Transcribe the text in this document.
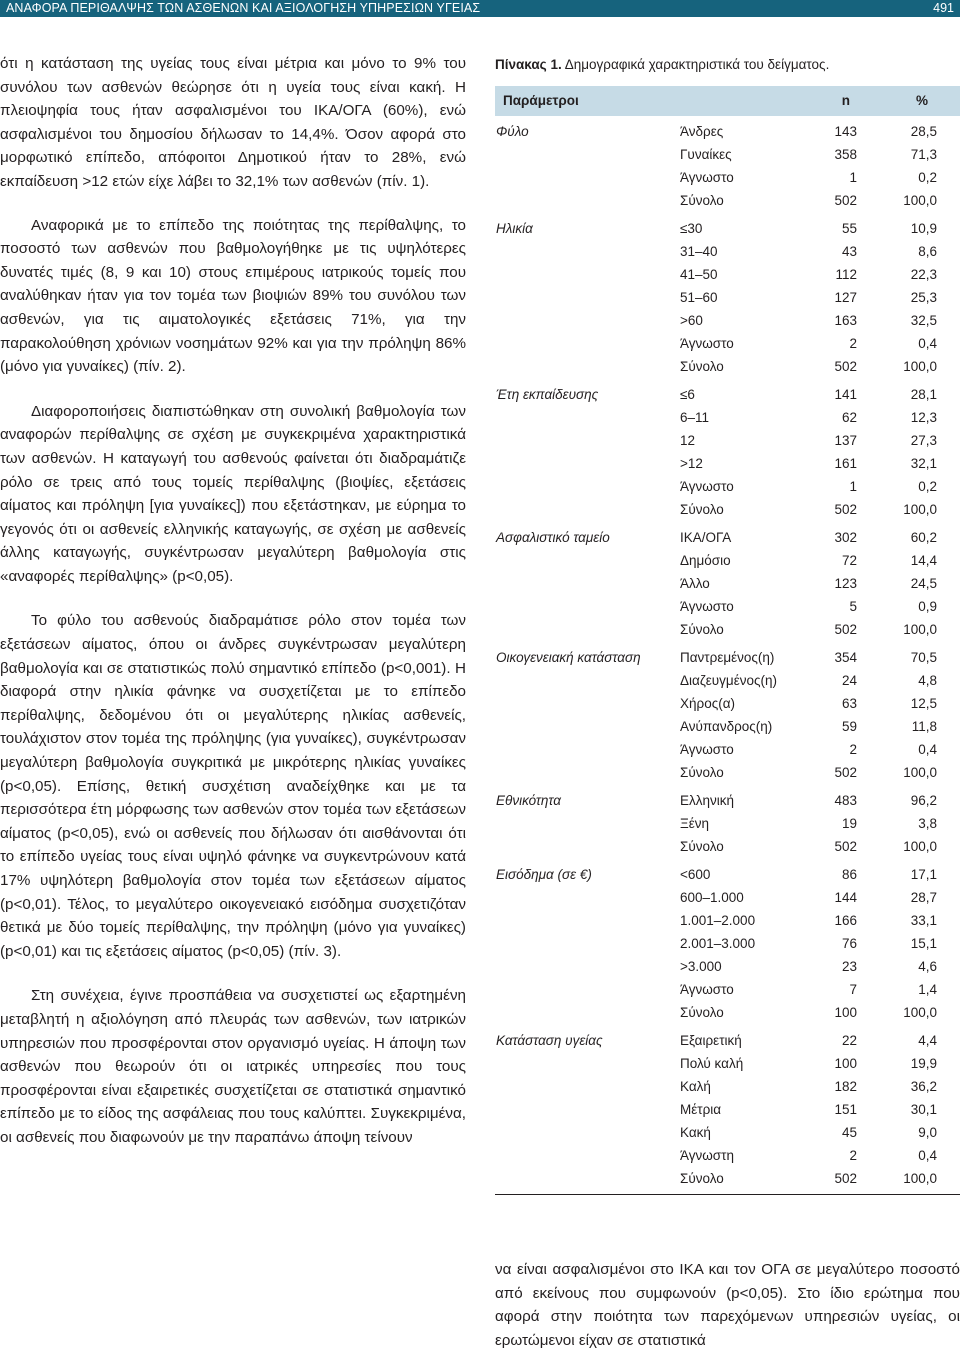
ΑΝΑΦΟΡΑ ΠΕΡΙΘΑΛΨΗΣ ΤΩΝ ΑΣΘΕΝΩΝ ΚΑΙ ΑΞΙΟΛΟΓΗΣΗ ΥΠΗΡΕΣΙΩΝ ΥΓΕΙΑΣ	491

ότι η κατάσταση της υγείας τους είναι μέτρια και μόνο το 9% του συνόλου των ασθενών θεώρησε ότι η υγεία τους είναι κακή. Η πλειοψηφία τους ήταν ασφαλισμένοι του ΙΚΑ/ΟΓΑ (60%), ενώ ασφαλισμένοι του δημοσίου δήλωσαν το 14,4%. Όσον αφορά στο μορφωτικό επίπεδο, απόφοιτοι Δημοτικού ήταν το 28%, ενώ εκπαίδευση >12 ετών είχε λάβει το 32,1% των ασθενών (πίν. 1).

Αναφορικά με το επίπεδο της ποιότητας της περίθαλψης, το ποσοστό των ασθενών που βαθμολογήθηκε με τις υψηλότερες δυνατές τιμές (8, 9 και 10) στους επιμέρους ιατρικούς τομείς που αναλύθηκαν ήταν για τον τομέα των βιοψιών 89% του συνόλου των ασθενών, για τις αιματολογικές εξετάσεις 71%, για την παρακολούθηση χρόνιων νοσημάτων 92% και για την πρόληψη 86% (μόνο για γυναίκες) (πίν. 2).

Διαφοροποιήσεις διαπιστώθηκαν στη συνολική βαθμολογία των αναφορών περίθαλψης σε σχέση με συγκεκριμένα χαρακτηριστικά των ασθενών. Η καταγωγή του ασθενούς φαίνεται ότι διαδραμάτιζε ρόλο σε τρεις από τους τομείς περίθαλψης (βιοψίες, εξετάσεις αίματος και πρόληψη [για γυναίκες]) που εξετάστηκαν, με εύρημα το γεγονός ότι οι ασθενείς ελληνικής καταγωγής, σε σχέση με ασθενείς άλλης καταγωγής, συγκέντρωσαν μεγαλύτερη βαθμολογία στις «αναφορές περίθαλψης» (p<0,05).

Το φύλο του ασθενούς διαδραμάτισε ρόλο στον τομέα των εξετάσεων αίματος, όπου οι άνδρες συγκέντρωσαν μεγαλύτερη βαθμολογία και σε στατιστικώς πολύ σημαντικό επίπεδο (p<0,001). Η διαφορά στην ηλικία φάνηκε να συσχετίζεται με το επίπεδο περίθαλψης, δεδομένου ότι οι μεγαλύτερης ηλικίας ασθενείς, τουλάχιστον στον τομέα της πρόληψης (για γυναίκες), συγκέντρωσαν μεγαλύτερη βαθμολογία συγκριτικά με μικρότερης ηλικίας γυναίκες (p<0,05). Επίσης, θετική συσχέτιση αναδείχθηκε και με τα περισσότερα έτη μόρφωσης των ασθενών στον τομέα των εξετάσεων αίματος (p<0,05), ενώ οι ασθενείς που δήλωσαν ότι αισθάνονται ότι το επίπεδο υγείας τους είναι υψηλό φάνηκε να συγκεντρώνουν κατά 17% υψηλότερη βαθμολογία στον τομέα των εξετάσεων αίματος (p<0,01). Τέλος, το μεγαλύτερο οικογενειακό εισόδημα συσχετιζόταν θετικά με δύο τομείς περίθαλψης, την πρόληψη (μόνο για γυναίκες) (p<0,01) και τις εξετάσεις αίματος (p<0,05) (πίν. 3).

Στη συνέχεια, έγινε προσπάθεια να συσχετιστεί ως εξαρτημένη μεταβλητή η αξιολόγηση από πλευράς των ασθενών, των ιατρικών υπηρεσιών που προσφέρονται στον οργανισμό υγείας. Η άποψη των ασθενών που θεωρούν ότι οι ιατρικές υπηρεσίες που τους προσφέρονται είναι εξαιρετικές συσχετίζεται σε στατιστικά σημαντικό επίπεδο με το είδος της ασφάλειας που τους καλύπτει. Συγκεκριμένα, οι ασθενείς που διαφωνούν με την παραπάνω άποψη τείνουν

Πίνακας 1. Δημογραφικά χαρακτηριστικά του δείγματος.
Παράμετροι	n	%
Φύλο	Άνδρες	143	28,5
Γυναίκες	358	71,3
Άγνωστο	1	0,2
Σύνολο	502	100,0
Ηλικία	≤30	55	10,9
31–40	43	8,6
41–50	112	22,3
51–60	127	25,3
>60	163	32,5
Άγνωστο	2	0,4
Σύνολο	502	100,0
Έτη εκπαίδευσης	≤6	141	28,1
6–11	62	12,3
12	137	27,3
>12	161	32,1
Άγνωστο	1	0,2
Σύνολο	502	100,0
Ασφαλιστικό ταμείο	ΙΚΑ/ΟΓΑ	302	60,2
Δημόσιο	72	14,4
Άλλο	123	24,5
Άγνωστο	5	0,9
Σύνολο	502	100,0
Οικογενειακή κατάσταση	Παντρεμένος(η)	354	70,5
Διαζευγμένος(η)	24	4,8
Χήρος(α)	63	12,5
Ανύπανδρος(η)	59	11,8
Άγνωστο	2	0,4
Σύνολο	502	100,0
Εθνικότητα	Ελληνική	483	96,2
Ξένη	19	3,8
Σύνολο	502	100,0
Εισόδημα (σε €)	<600	86	17,1
600–1.000	144	28,7
1.001–2.000	166	33,1
2.001–3.000	76	15,1
>3.000	23	4,6
Άγνωστο	7	1,4
Σύνολο	100	100,0
Κατάσταση υγείας	Εξαιρετική	22	4,4
Πολύ καλή	100	19,9
Καλή	182	36,2
Μέτρια	151	30,1
Κακή	45	9,0
Άγνωστη	2	0,4
Σύνολο	502	100,0

να είναι ασφαλισμένοι στο ΙΚΑ και τον ΟΓΑ σε μεγαλύτερο ποσοστό από εκείνους που συμφωνούν (p<0,05). Στο ίδιο ερώτημα που αφορά στην ποιότητα των παρεχόμενων υπηρεσιών υγείας, οι ερωτώμενοι είχαν σε στατιστικά
